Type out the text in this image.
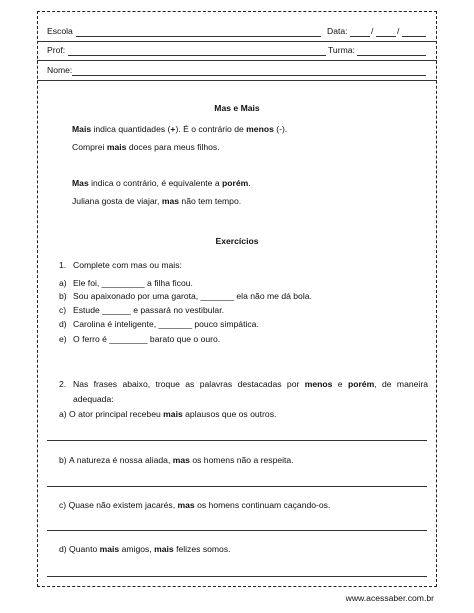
Escola	Data:	/	/
Prof:	Turma:
Nome:
Mas e Mais
Mais indica quantidades (+). É o contrário de menos (-).
Comprei mais doces para meus filhos.
Mas indica o contrário, é equivalente a porém.
Juliana gosta de viajar, mas não tem tempo.
Exercícios
1. Complete com mas ou mais:
a) Ele foi, _________ a filha ficou.
b) Sou apaixonado por uma garota, _______ ela não me dá bola.
c) Estude ______ e passará no vestibular.
d) Carolina é inteligente, _______ pouco simpática.
e) O ferro é ________ barato que o ouro.
2. Nas frases abaixo, troque as palavras destacadas por menos e porém, de maneira
adequada:
a) O ator principal recebeu mais aplausos que os outros.
b) A natureza é nossa aliada, mas os homens não a respeita.
c) Quase não existem jacarés, mas os homens continuam caçando-os.
d) Quanto mais amigos, mais felizes somos.
www.acessaber.com.br
